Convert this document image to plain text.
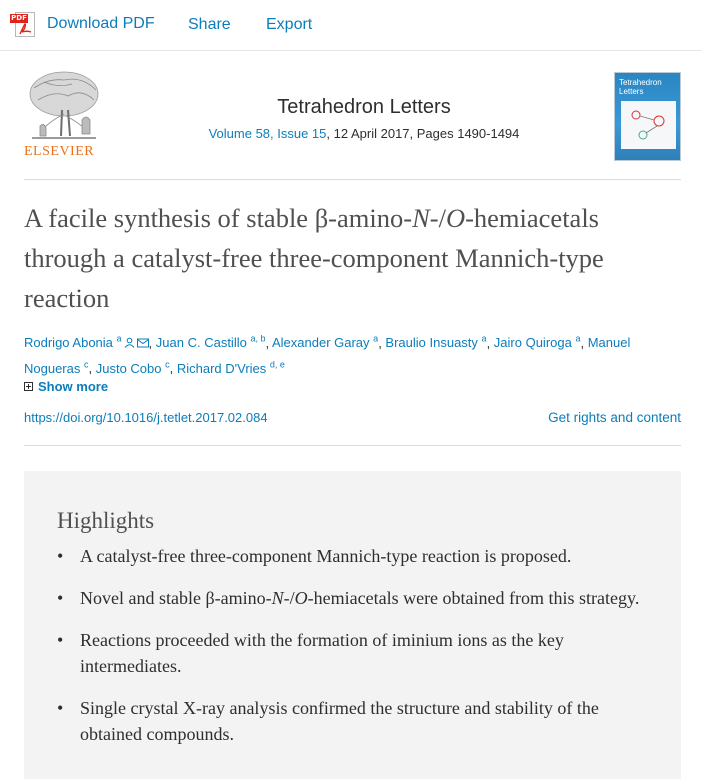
PDF Download PDF Share Export
ELSEVIER
Tetrahedron Letters
Volume 58, Issue 15, 12 April 2017, Pages 1490-1494
Tetrahedron
Letters
A facile synthesis of stable β-amino-N-/O-hemiacetals through a catalyst-free three-component Mannich-type reaction
Rodrigo Abonia $^a$ , Juan C. Castillo $^{a, b}$, Alexander Garay $^a$, Braulio Insuasty $^a$, Jairo Quiroga $^a$, Manuel Nogueras $^c$, Justo Cobo $^c$, Richard D'Vries $^{d, e}$
Show more
https://doi.org/10.1016/j.tetlet.2017.02.084	Get rights and content
Highlights
• A catalyst-free three-component Mannich-type reaction is proposed.
• Novel and stable β-amino-N-/O-hemiacetals were obtained from this strategy.
• Reactions proceeded with the formation of iminium ions as the key intermediates.
• Single crystal X-ray analysis confirmed the structure and stability of the obtained compounds.
